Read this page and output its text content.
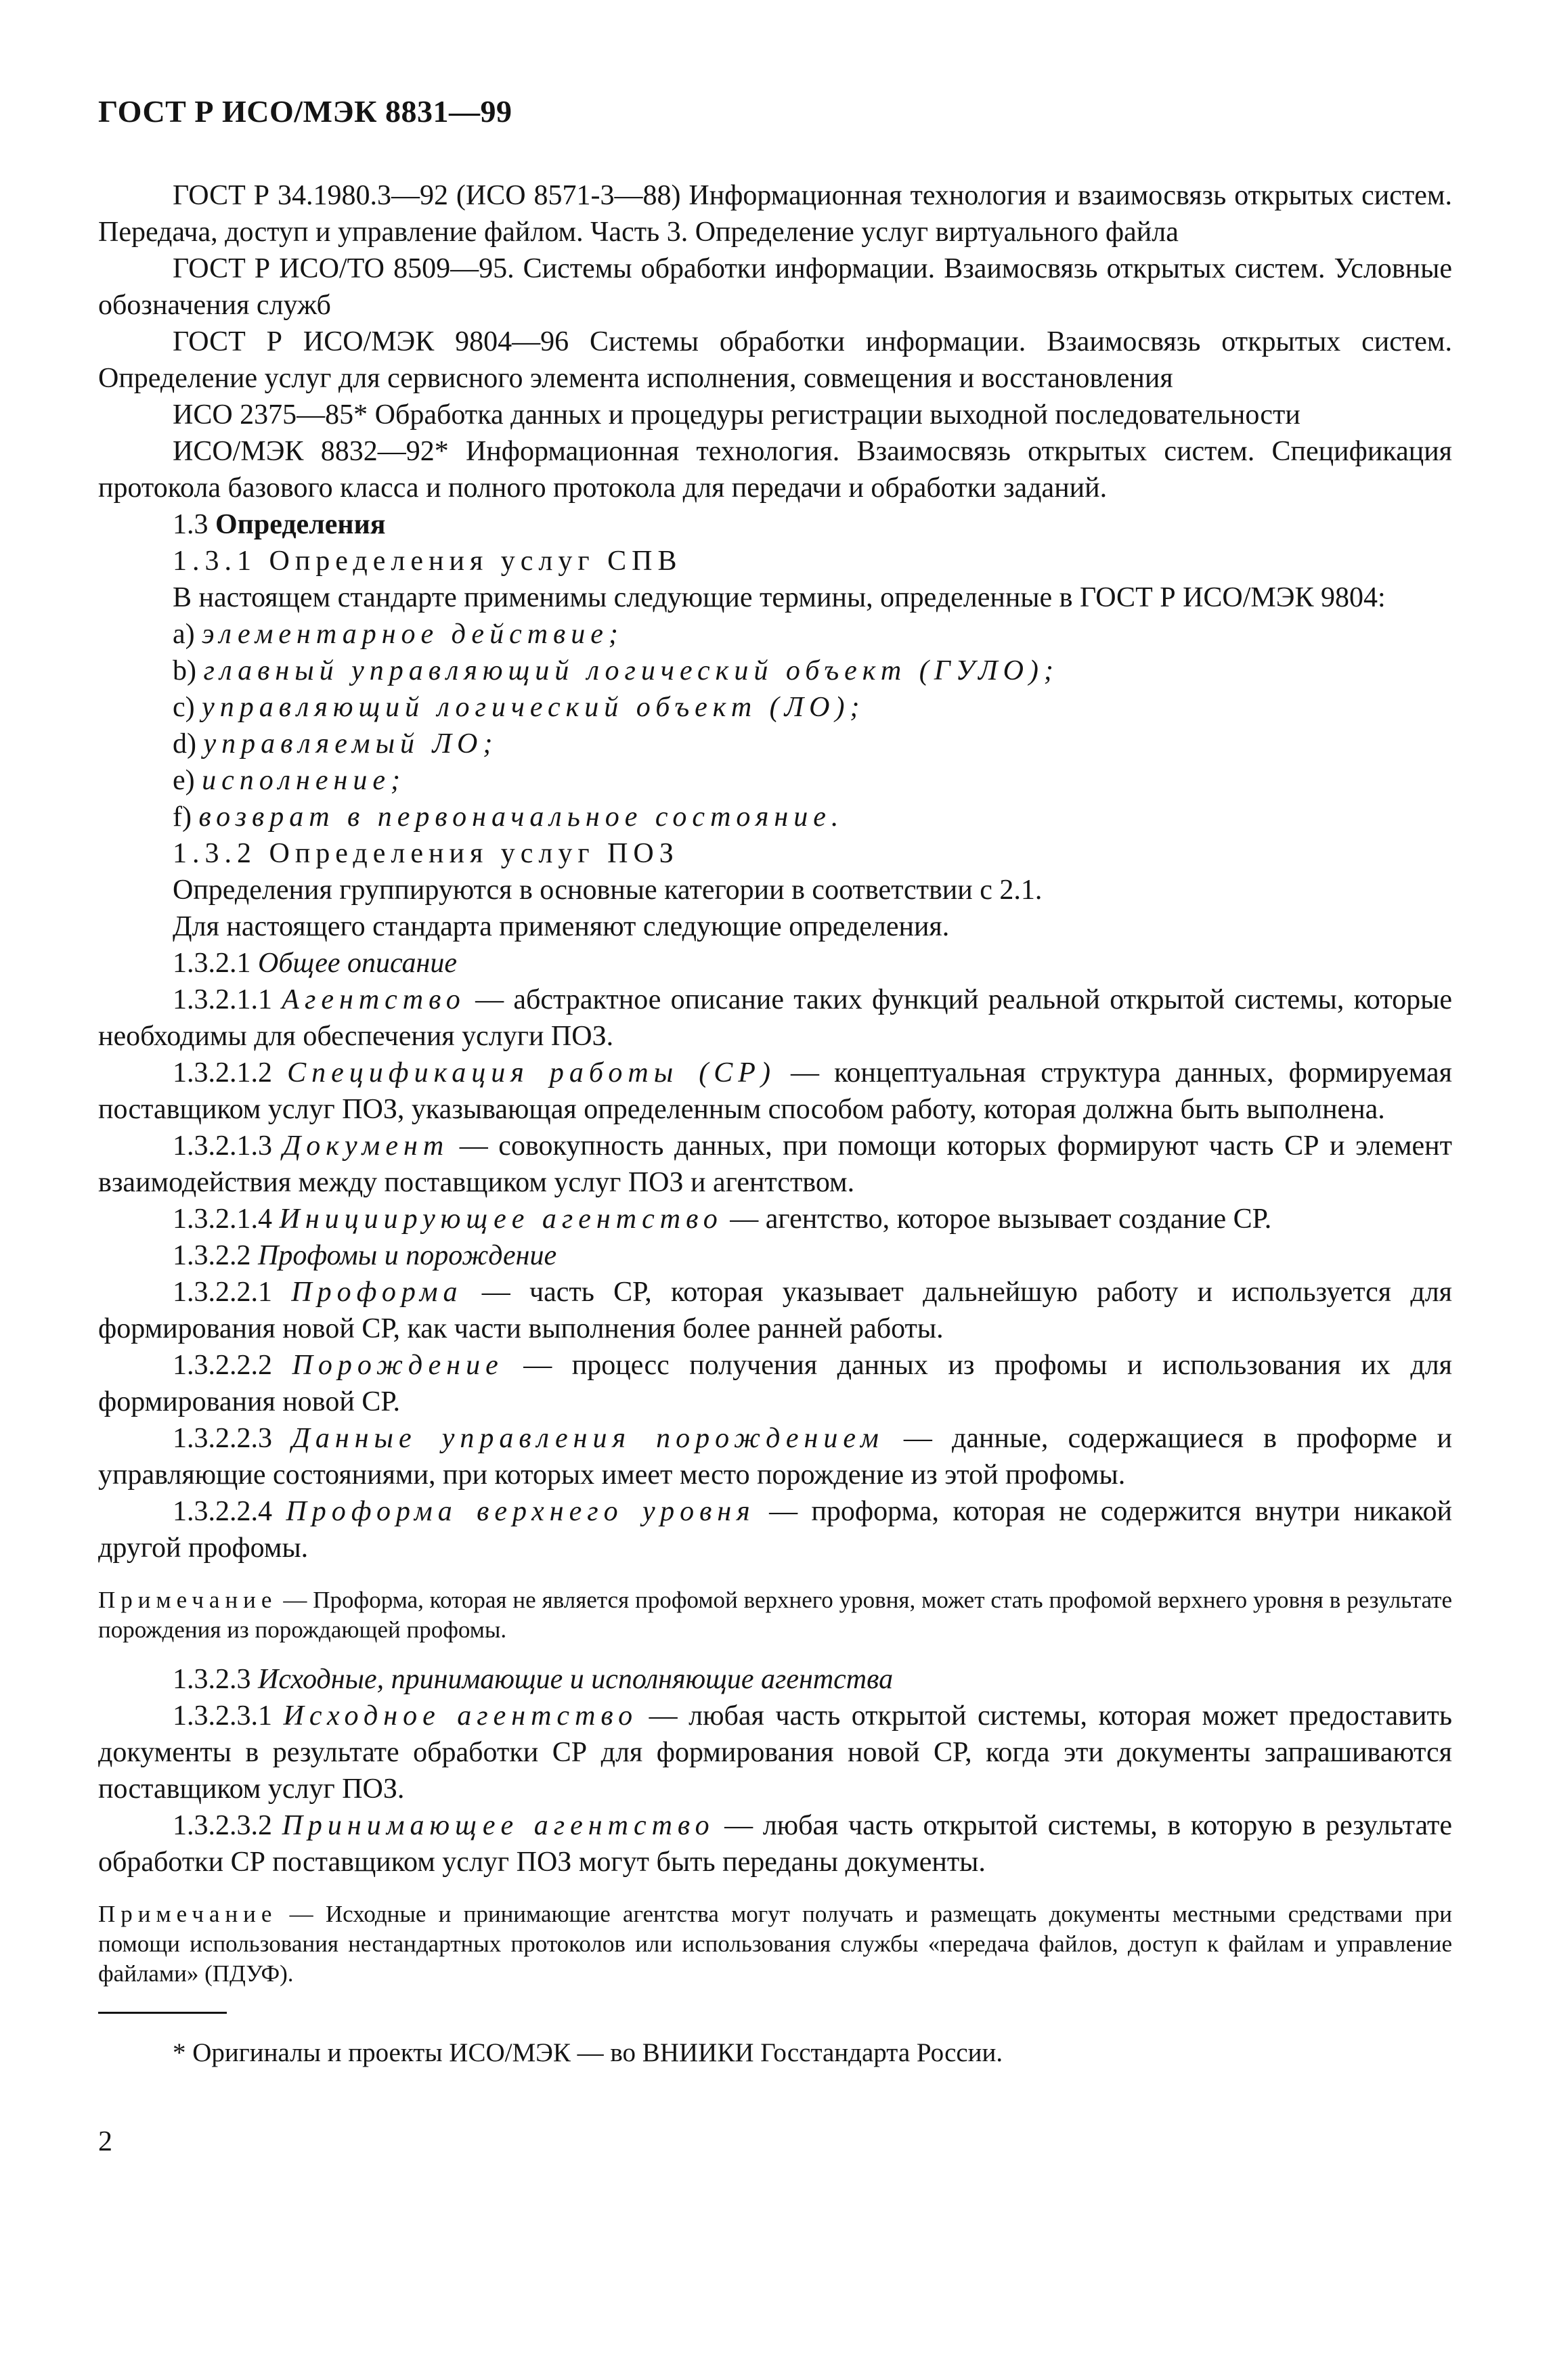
ГОСТ Р ИСО/МЭК 8831—99

ГОСТ Р 34.1980.3—92 (ИСО 8571-3—88) Информационная технология и взаимосвязь открытых систем. Передача, доступ и управление файлом. Часть 3. Определение услуг виртуального файла

ГОСТ Р ИСО/ТО 8509—95. Системы обработки информации. Взаимосвязь открытых систем. Условные обозначения служб

ГОСТ Р ИСО/МЭК 9804—96 Системы обработки информации. Взаимосвязь открытых систем. Определение услуг для сервисного элемента исполнения, совмещения и восстановления

ИСО 2375—85* Обработка данных и процедуры регистрации выходной последовательности

ИСО/МЭК 8832—92* Информационная технология. Взаимосвязь открытых систем. Спецификация протокола базового класса и полного протокола для передачи и обработки заданий.

1.3 Определения

1.3.1 Определения услуг СПВ

В настоящем стандарте применимы следующие термины, определенные в ГОСТ Р ИСО/МЭК 9804:

a) элементарное действие;

b) главный управляющий логический объект (ГУЛО);

c) управляющий логический объект (ЛО);

d) управляемый ЛО;

e) исполнение;

f) возврат в первоначальное состояние.

1.3.2 Определения услуг ПОЗ

Определения группируются в основные категории в соответствии с 2.1.

Для настоящего стандарта применяют следующие определения.

1.3.2.1 Общее описание

1.3.2.1.1 Агентство — абстрактное описание таких функций реальной открытой системы, которые необходимы для обеспечения услуги ПОЗ.

1.3.2.1.2 Спецификация работы (СР) — концептуальная структура данных, формируемая поставщиком услуг ПОЗ, указывающая определенным способом работу, которая должна быть выполнена.

1.3.2.1.3 Документ — совокупность данных, при помощи которых формируют часть СР и элемент взаимодействия между поставщиком услуг ПОЗ и агентством.

1.3.2.1.4 Инициирующее агентство — агентство, которое вызывает создание СР.

1.3.2.2 Профомы и порождение

1.3.2.2.1 Проформа — часть СР, которая указывает дальнейшую работу и используется для формирования новой СР, как части выполнения более ранней работы.

1.3.2.2.2 Порождение — процесс получения данных из профомы и использования их для формирования новой СР.

1.3.2.2.3 Данные управления порождением — данные, содержащиеся в проформе и управляющие состояниями, при которых имеет место порождение из этой профомы.

1.3.2.2.4 Проформа верхнего уровня — проформа, которая не содержится внутри никакой другой профомы.

Примечание — Проформа, которая не является профомой верхнего уровня, может стать профомой верхнего уровня в результате порождения из порождающей профомы.

1.3.2.3 Исходные, принимающие и исполняющие агентства

1.3.2.3.1 Исходное агентство — любая часть открытой системы, которая может предоставить документы в результате обработки СР для формирования новой СР, когда эти документы запрашиваются поставщиком услуг ПОЗ.

1.3.2.3.2 Принимающее агентство — любая часть открытой системы, в которую в результате обработки СР поставщиком услуг ПОЗ могут быть переданы документы.

Примечание — Исходные и принимающие агентства могут получать и размещать документы местными средствами при помощи использования нестандартных протоколов или использования службы «передача файлов, доступ к файлам и управление файлами» (ПДУФ).

* Оригиналы и проекты ИСО/МЭК — во ВНИИКИ Госстандарта России.

2
